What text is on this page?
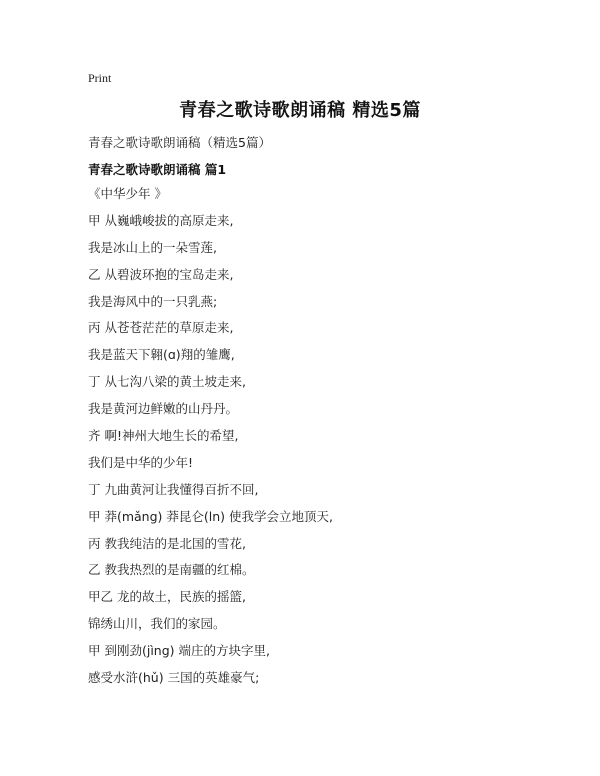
Print
青春之歌诗歌朗诵稿 精选5篇
青春之歌诗歌朗诵稿（精选5篇）
青春之歌诗歌朗诵稿 篇1
《中华少年 》
甲 从巍峨峻拔的高原走来,
我是冰山上的一朵雪莲,
乙 从碧波环抱的宝岛走来,
我是海风中的一只乳燕;
丙 从苍苍茫茫的草原走来,
我是蓝天下翱(ɑ)翔的雏鹰,
丁 从七沟八梁的黄土坡走来,
我是黄河边鲜嫩的山丹丹。
齐 啊!神州大地生长的希望,
我们是中华的少年!
丁 九曲黄河让我懂得百折不回,
甲 莽(mǎng) 莽昆仑(ln) 使我学会立地顶天,
丙 教我纯洁的是北国的雪花,
乙 教我热烈的是南疆的红棉。
甲乙 龙的故土，民族的摇篮,
锦绣山川，我们的家园。
甲 到刚劲(jìng) 端庄的方块字里,
感受水浒(hǔ) 三国的英雄豪气;
